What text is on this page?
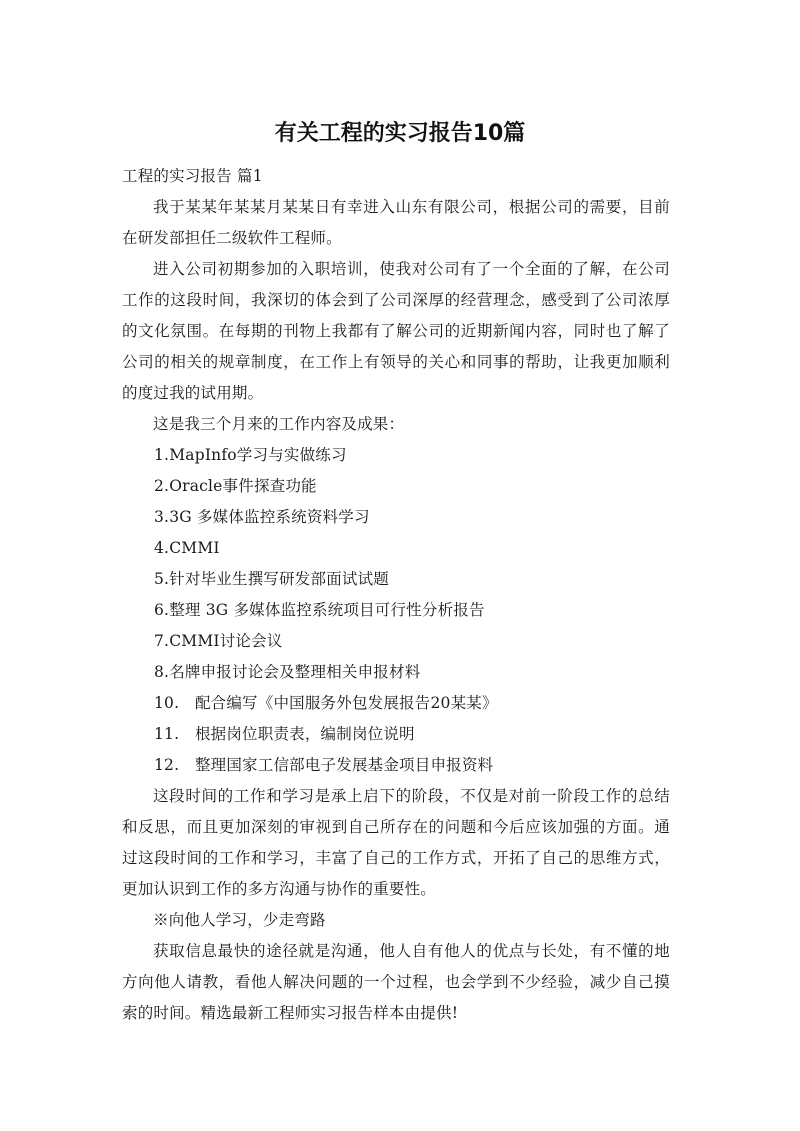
有关工程的实习报告10篇

工程的实习报告 篇1

我于某某年某某月某某日有幸进入山东有限公司，根据公司的需要，目前在研发部担任二级软件工程师。

进入公司初期参加的入职培训，使我对公司有了一个全面的了解，在公司工作的这段时间，我深切的体会到了公司深厚的经营理念，感受到了公司浓厚的文化氛围。在每期的刊物上我都有了解公司的近期新闻内容，同时也了解了公司的相关的规章制度，在工作上有领导的关心和同事的帮助，让我更加顺利的度过我的试用期。

这是我三个月来的工作内容及成果：

1.MapInfo学习与实做练习

2.Oracle事件探查功能

3.3G 多媒体监控系统资料学习

4.CMMI

5.针对毕业生撰写研发部面试试题

6.整理 3G 多媒体监控系统项目可行性分析报告

7.CMMI讨论会议

8.名牌申报讨论会及整理相关申报材料

10.　配合编写《中国服务外包发展报告20某某》

11.　根据岗位职责表，编制岗位说明

12.　整理国家工信部电子发展基金项目申报资料

这段时间的工作和学习是承上启下的阶段，不仅是对前一阶段工作的总结和反思，而且更加深刻的审视到自己所存在的问题和今后应该加强的方面。通过这段时间的工作和学习，丰富了自己的工作方式，开拓了自己的思维方式，更加认识到工作的多方沟通与协作的重要性。

※向他人学习，少走弯路

获取信息最快的途径就是沟通，他人自有他人的优点与长处，有不懂的地方向他人请教，看他人解决问题的一个过程，也会学到不少经验，减少自己摸索的时间。精选最新工程师实习报告样本由提供!
